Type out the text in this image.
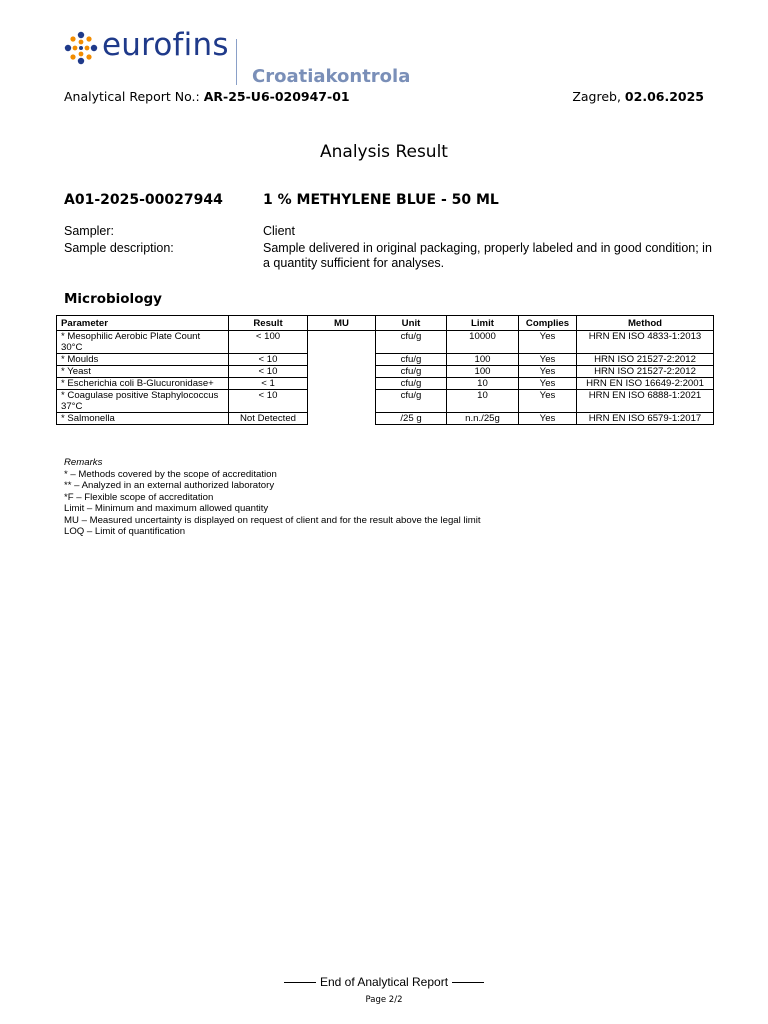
eurofins
Croatiakontrola
Analytical Report No.: AR-25-U6-020947-01	Zagreb, 02.06.2025
Analysis Result
A01-2025-00027944	1 % METHYLENE BLUE - 50 ML
Sampler:	Client
Sample description:	Sample delivered in original packaging, properly labeled and in good condition; in a quantity sufficient for analyses.
Microbiology
Parameter	Result	MU	Unit	Limit	Complies	Method
* Mesophilic Aerobic Plate Count 30°C	< 100		cfu/g	10000	Yes	HRN EN ISO 4833-1:2013
* Moulds	< 10		cfu/g	100	Yes	HRN ISO 21527-2:2012
* Yeast	< 10		cfu/g	100	Yes	HRN ISO 21527-2:2012
* Escherichia coli B-Glucuronidase+	< 1		cfu/g	10	Yes	HRN EN ISO 16649-2:2001
* Coagulase positive Staphylococcus 37°C	< 10		cfu/g	10	Yes	HRN EN ISO 6888-1:2021
* Salmonella	Not Detected		/25 g	n.n./25g	Yes	HRN EN ISO 6579-1:2017
Remarks
* – Methods covered by the scope of accreditation
** – Analyzed in an external authorized laboratory
*F – Flexible scope of accreditation
Limit – Minimum and maximum allowed quantity
MU – Measured uncertainty is displayed on request of client and for the result above the legal limit
LOQ – Limit of quantification
End of Analytical Report
Page 2/2
